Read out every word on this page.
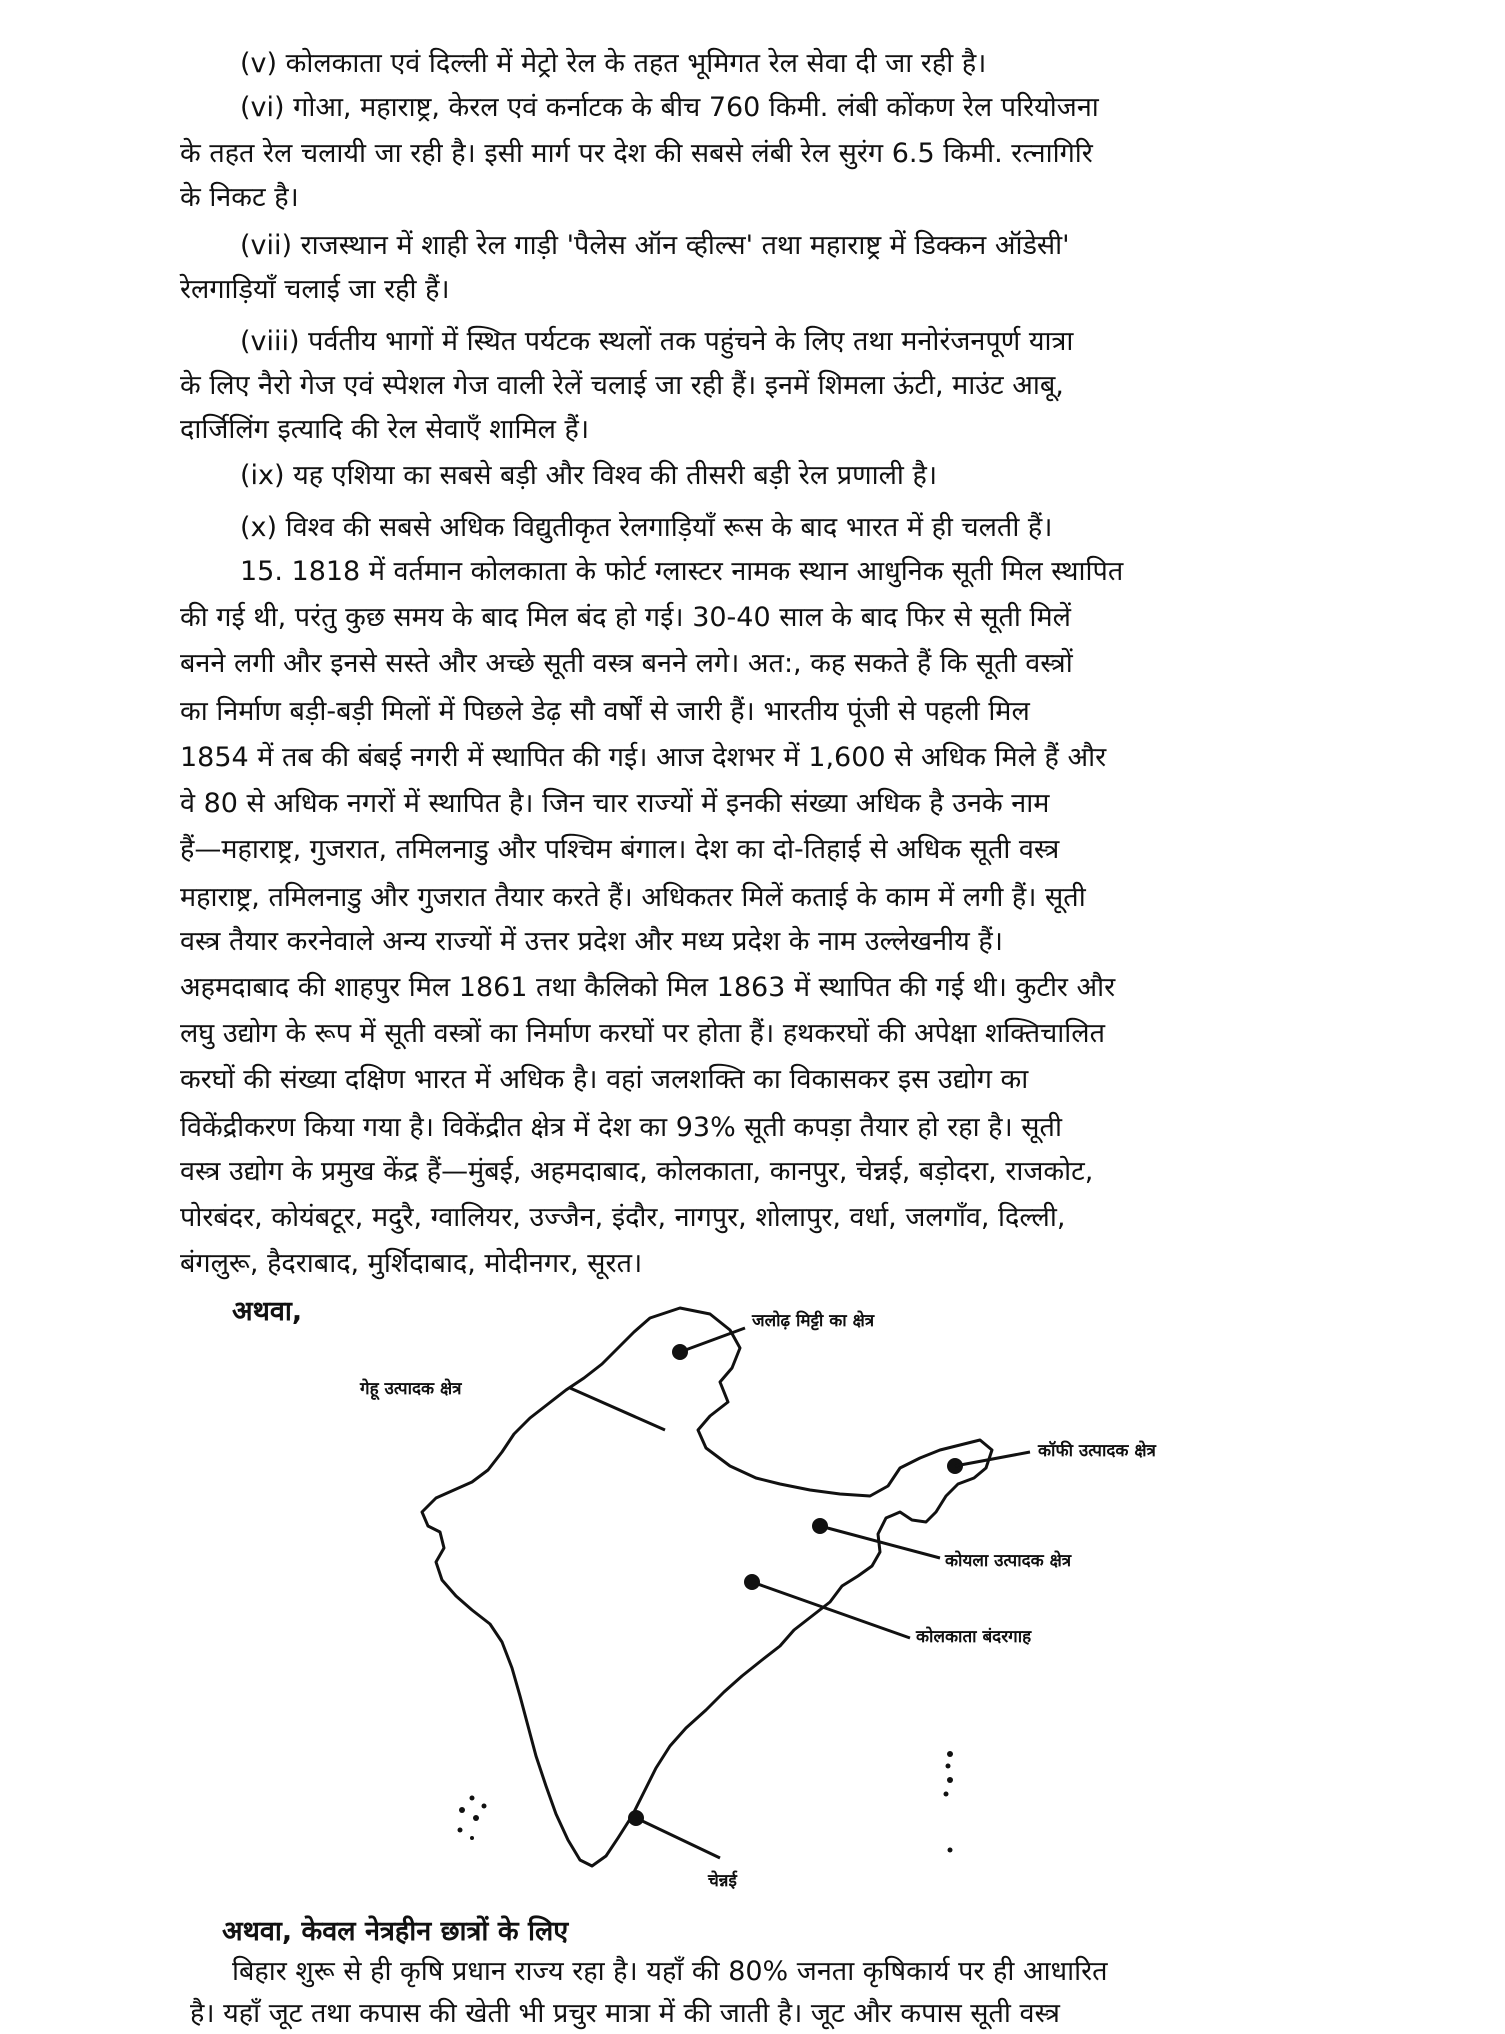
(v) कोलकाता एवं दिल्ली में मेट्रो रेल के तहत भूमिगत रेल सेवा दी जा रही है।
(vi) गोआ, महाराष्ट्र, केरल एवं कर्नाटक के बीच 760 किमी. लंबी कोंकण रेल परियोजना
के तहत रेल चलायी जा रही है। इसी मार्ग पर देश की सबसे लंबी रेल सुरंग 6.5 किमी. रत्नागिरि
के निकट है।
(vii) राजस्थान में शाही रेल गाड़ी 'पैलेस ऑन व्हील्स' तथा महाराष्ट्र में डिक्कन ऑडेसी'
रेलगाड़ियाँ चलाई जा रही हैं।
(viii) पर्वतीय भागों में स्थित पर्यटक स्थलों तक पहुंचने के लिए तथा मनोरंजनपूर्ण यात्रा
के लिए नैरो गेज एवं स्पेशल गेज वाली रेलें चलाई जा रही हैं। इनमें शिमला ऊंटी, माउंट आबू,
दार्जिलिंग इत्यादि की रेल सेवाएँ शामिल हैं।
(ix) यह एशिया का सबसे बड़ी और विश्व की तीसरी बड़ी रेल प्रणाली है।
(x) विश्व की सबसे अधिक विद्युतीकृत रेलगाड़ियाँ रूस के बाद भारत में ही चलती हैं।
15. 1818 में वर्तमान कोलकाता के फोर्ट ग्लास्टर नामक स्थान आधुनिक सूती मिल स्थापित
की गई थी, परंतु कुछ समय के बाद मिल बंद हो गई। 30-40 साल के बाद फिर से सूती मिलें
बनने लगी और इनसे सस्ते और अच्छे सूती वस्त्र बनने लगे। अत:, कह सकते हैं कि सूती वस्त्रों
का निर्माण बड़ी-बड़ी मिलों में पिछले डेढ़ सौ वर्षों से जारी हैं। भारतीय पूंजी से पहली मिल
1854 में तब की बंबई नगरी में स्थापित की गई। आज देशभर में 1,600 से अधिक मिले हैं और
वे 80 से अधिक नगरों में स्थापित है। जिन चार राज्यों में इनकी संख्या अधिक है उनके नाम
हैं—महाराष्ट्र, गुजरात, तमिलनाडु और पश्चिम बंगाल। देश का दो-तिहाई से अधिक सूती वस्त्र
महाराष्ट्र, तमिलनाडु और गुजरात तैयार करते हैं। अधिकतर मिलें कताई के काम में लगी हैं। सूती
वस्त्र तैयार करनेवाले अन्य राज्यों में उत्तर प्रदेश और मध्य प्रदेश के नाम उल्लेखनीय हैं।
अहमदाबाद की शाहपुर मिल 1861 तथा कैलिको मिल 1863 में स्थापित की गई थी। कुटीर और
लघु उद्योग के रूप में सूती वस्त्रों का निर्माण करघों पर होता हैं। हथकरघों की अपेक्षा शक्तिचालित
करघों की संख्या दक्षिण भारत में अधिक है। वहां जलशक्ति का विकासकर इस उद्योग का
विकेंद्रीकरण किया गया है। विकेंद्रीत क्षेत्र में देश का 93% सूती कपड़ा तैयार हो रहा है। सूती
वस्त्र उद्योग के प्रमुख केंद्र हैं—मुंबई, अहमदाबाद, कोलकाता, कानपुर, चेन्नई, बड़ोदरा, राजकोट,
पोरबंदर, कोयंबटूर, मदुरै, ग्वालियर, उज्जैन, इंदौर, नागपुर, शोलापुर, वर्धा, जलगाँव, दिल्ली,
बंगलुरू, हैदराबाद, मुर्शिदाबाद, मोदीनगर, सूरत।
अथवा,	जलोढ़ मिट्टी का क्षेत्र
गेहू उत्पादक क्षेत्र
कॉफी उत्पादक क्षेत्र
कोयला उत्पादक क्षेत्र
कोलकाता बंदरगाह
चेन्नई
अथवा, केवल नेत्रहीन छात्रों के लिए
बिहार शुरू से ही कृषि प्रधान राज्य रहा है। यहाँ की 80% जनता कृषिकार्य पर ही आधारित
है। यहाँ जूट तथा कपास की खेती भी प्रचुर मात्रा में की जाती है। जूट और कपास सूती वस्त्र
